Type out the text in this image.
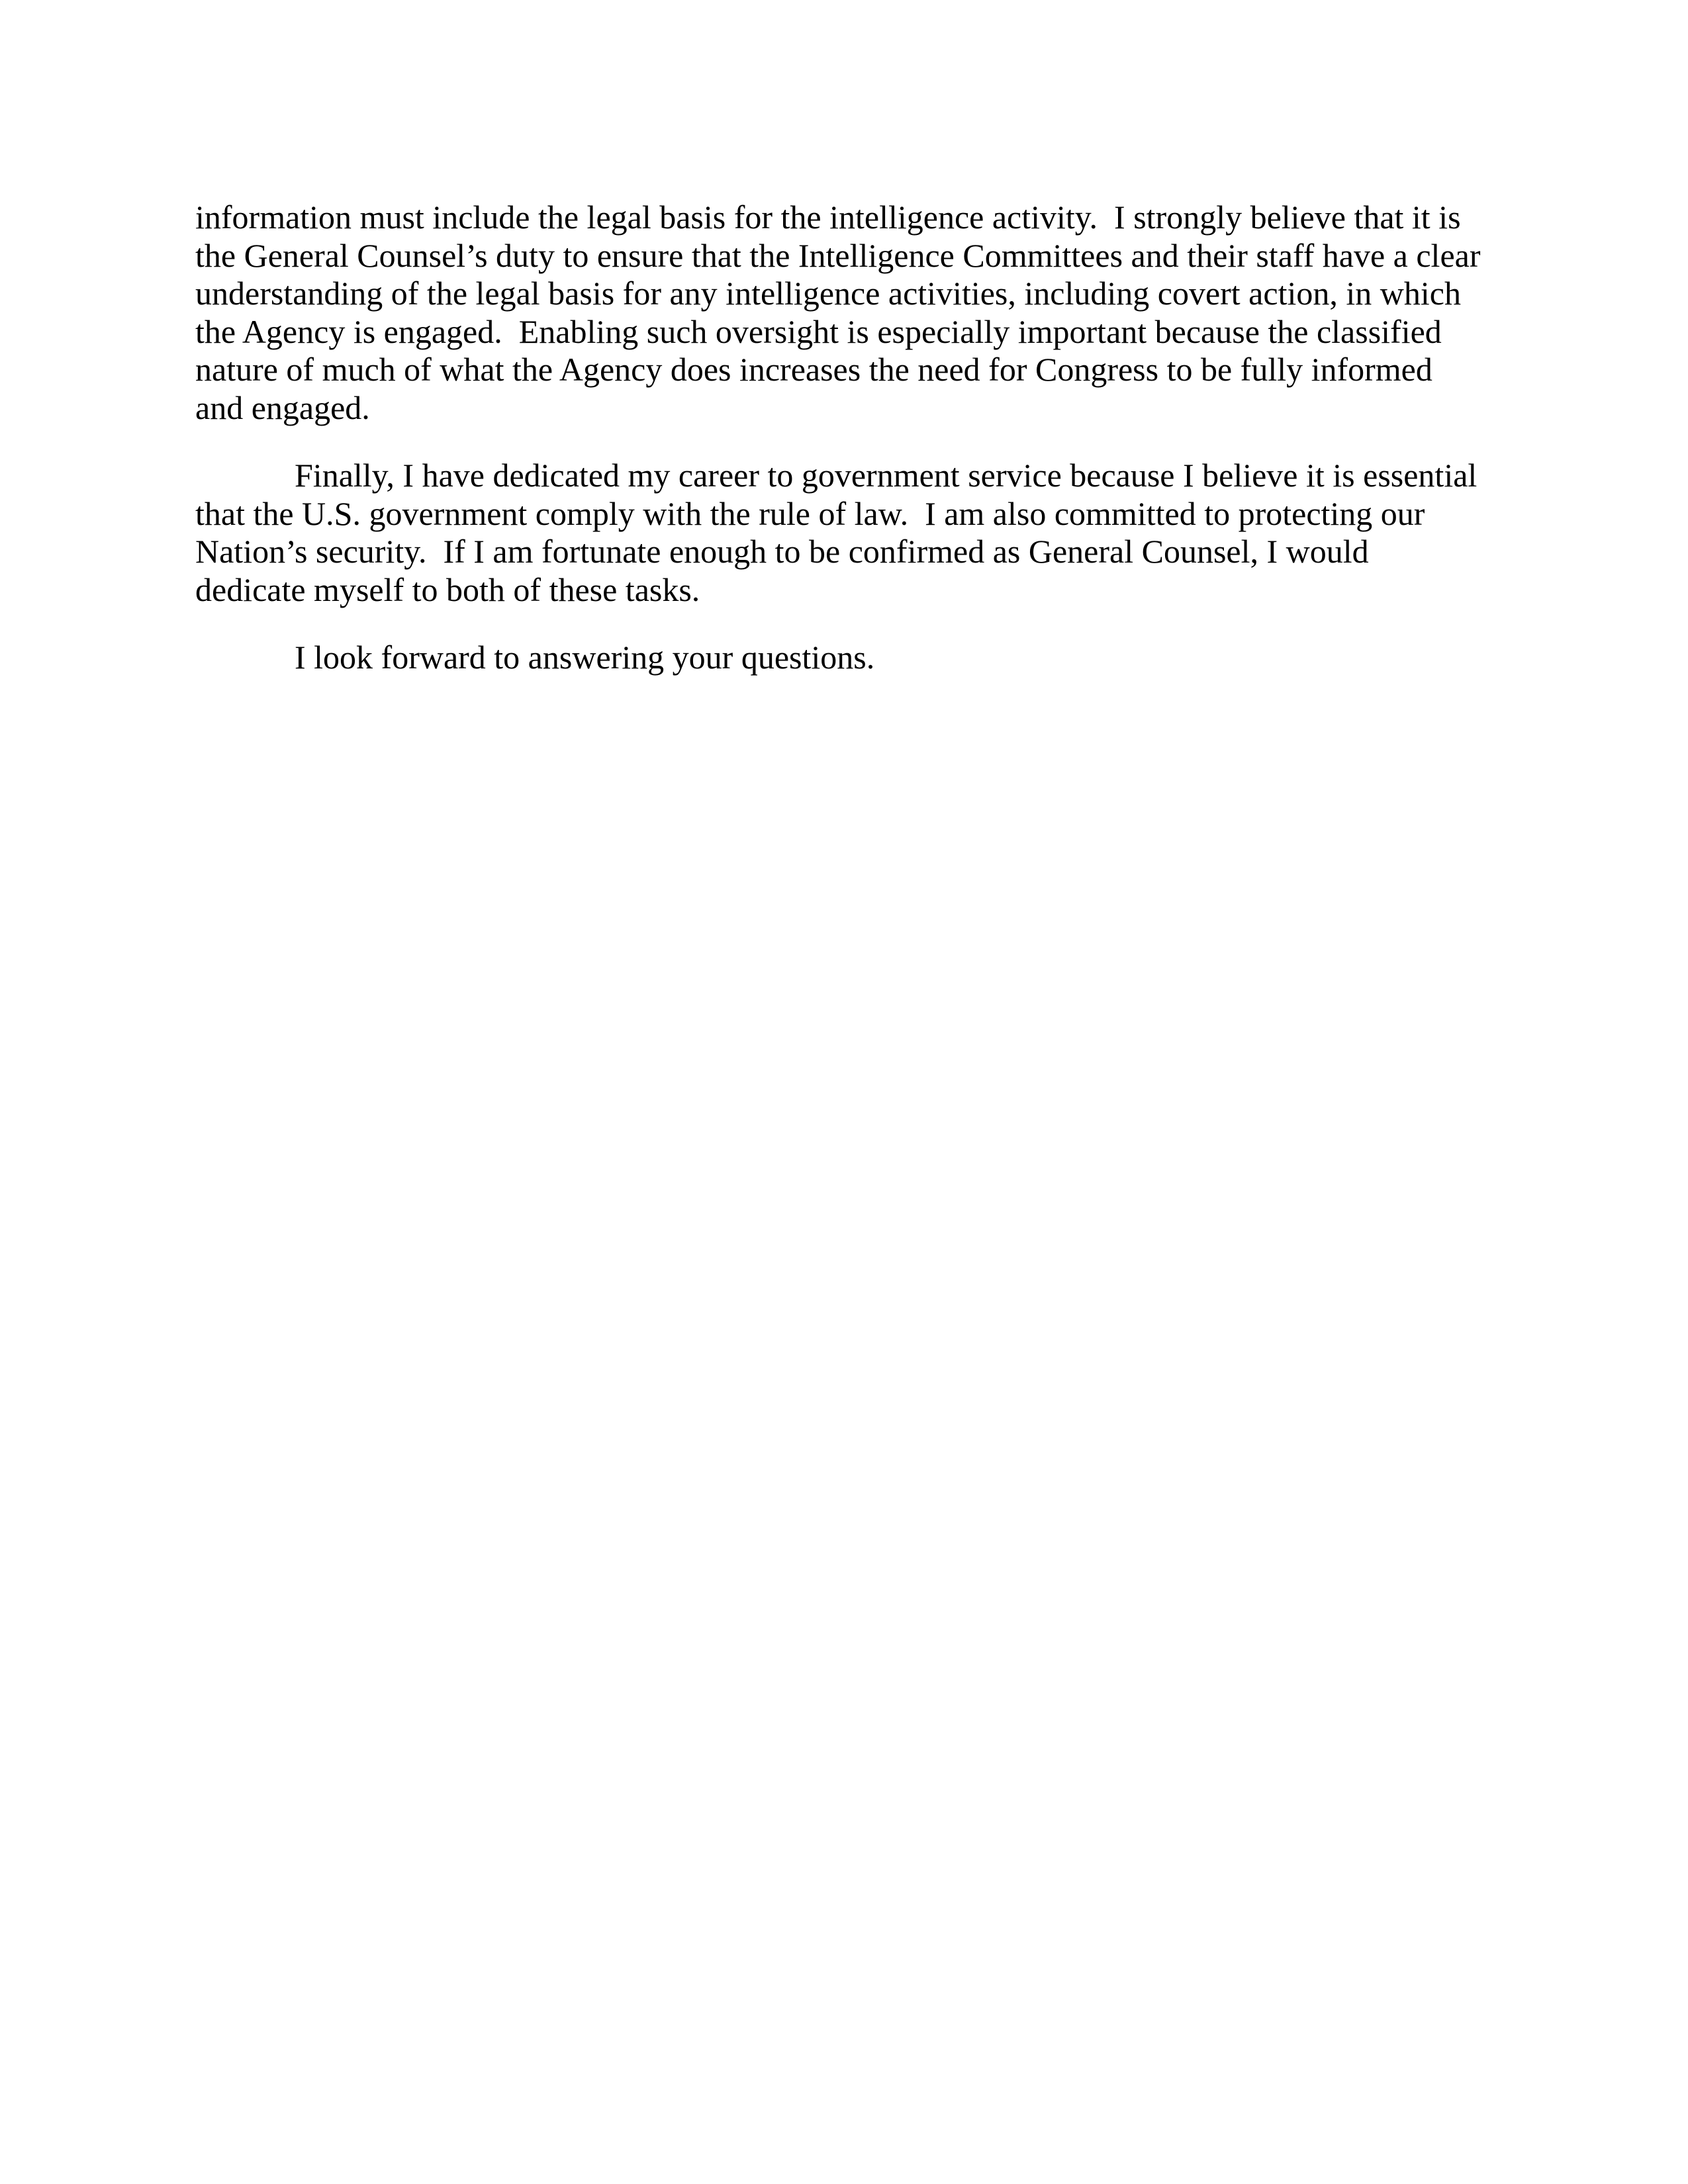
information must include the legal basis for the intelligence activity.  I strongly believe that it is
the General Counsel’s duty to ensure that the Intelligence Committees and their staff have a clear
understanding of the legal basis for any intelligence activities, including covert action, in which
the Agency is engaged.  Enabling such oversight is especially important because the classified
nature of much of what the Agency does increases the need for Congress to be fully informed
and engaged.
Finally, I have dedicated my career to government service because I believe it is essential
that the U.S. government comply with the rule of law.  I am also committed to protecting our
Nation’s security.  If I am fortunate enough to be confirmed as General Counsel, I would
dedicate myself to both of these tasks.
I look forward to answering your questions.
